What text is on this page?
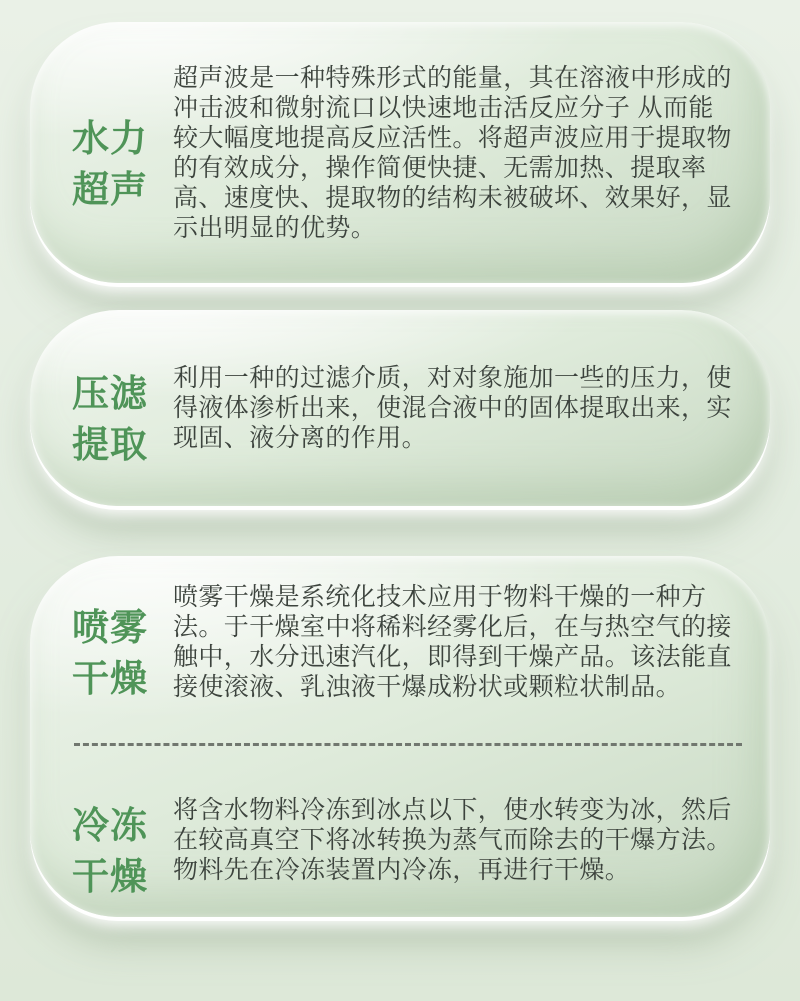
水力
超声

超声波是一种特殊形式的能量，其在溶液中形成的冲击波和微射流口以快速地击活反应分子 从而能较大幅度地提高反应活性。将超声波应用于提取物的有效成分，操作简便快捷、无需加热、提取率高、速度快、提取物的结构未被破坏、效果好，显示出明显的优势。

压滤
提取

利用一种的过滤介质，对对象施加一些的压力，使得液体渗析出来，使混合液中的固体提取出来，实现固、液分离的作用。

喷雾
干燥

喷雾干燥是系统化技术应用于物料干燥的一种方法。于干燥室中将稀料经雾化后，在与热空气的接触中，水分迅速汽化，即得到干燥产品。该法能直接使滚液、乳浊液干爆成粉状或颗粒状制品。

冷冻
干燥

将含水物料冷冻到冰点以下，使水转变为冰，然后在较高真空下将冰转换为蒸气而除去的干爆方法。物料先在冷冻装置内冷冻，再进行干燥。
